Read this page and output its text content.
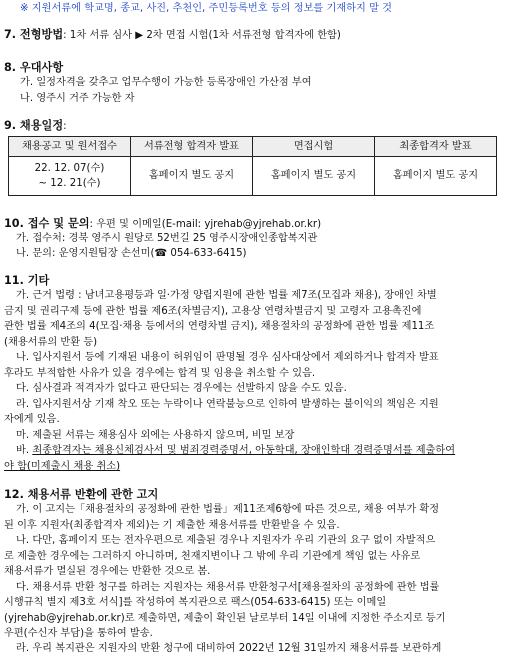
※ 지원서류에 학교명, 종교, 사진, 추천인, 주민등록번호 등의 정보를 기재하지 말 것
7. 전형방법: 1차 서류 심사 ▶ 2차 면접 시험(1차 서류전형 합격자에 한함)
8. 우대사항
가. 일정자격을 갖추고 업무수행이 가능한 등록장애인 가산점 부여
나. 영주시 거주 가능한 자
9. 채용일정:
채용공고 및 원서접수	서류전형 합격자 발표	면접시험	최종합격자 발표

22. 12. 07(수)
~ 12. 21(수)	홈페이지 별도 공지	홈페이지 별도 공지	홈페이지 별도 공지
10. 접수 및 문의: 우편 및 이메일(E-mail: yjrehab@yjrehab.or.kr)
가. 접수처: 경북 영주시 원당로 52번길 25 영주시장애인종합복지관
나. 문의: 운영지원팀장 손선미(☎ 054-633-6415)
11. 기타
가. 근거 법령 : 남녀고용평등과 일·가정 양립지원에 관한 법률 제7조(모집과 채용), 장애인 차별
금지 및 권리구제 등에 관한 법률 제6조(차별금지), 고용상 연령차별금지 및 고령자 고용촉진에
관한 법률 제4조의 4(모집·채용 등에서의 연령차별 금지), 채용절차의 공정화에 관한 법률 제11조
(채용서류의 반환 등)
나. 입사지원서 등에 기재된 내용이 허위임이 판명될 경우 심사대상에서 제외하거나 합격자 발표
후라도 부적합한 사유가 있을 경우에는 합격 및 임용을 취소할 수 있음.
다. 심사결과 적격자가 없다고 판단되는 경우에는 선발하지 않을 수도 있음.
라. 입사지원서상 기재 착오 또는 누락이나 연락불능으로 인하여 발생하는 불이익의 책임은 지원
자에게 있음.
마. 제출된 서류는 채용심사 외에는 사용하지 않으며, 비밀 보장
바. 최종합격자는 채용신체검사서 및 범죄경력증명서, 아동학대, 장애인학대 경력증명서를 제출하여
야 함(미제출시 채용 취소)
12. 채용서류 반환에 관한 고지
가. 이 고지는「채용절차의 공정화에 관한 법률」제11조제6항에 따른 것으로, 채용 여부가 확정
된 이후 지원자(최종합격자 제외)는 기 제출한 채용서류를 반환받을 수 있음.
나. 다만, 홈페이지 또는 전자우편으로 제출된 경우나 지원자가 우리 기관의 요구 없이 자발적으
로 제출한 경우에는 그러하지 아니하며, 천재지변이나 그 밖에 우리 기관에게 책임 없는 사유로
채용서류가 멸실된 경우에는 반환한 것으로 봄.
다. 채용서류 반환 청구를 하려는 지원자는 채용서류 반환청구서[채용절차의 공정화에 관한 법률
시행규칙 별지 제3호 서식]를 작성하여 복지관으로 팩스(054-633-6415) 또는 이메일
(yjrehab@yjrehab.or.kr)로 제출하면, 제출이 확인된 날로부터 14일 이내에 지정한 주소지로 등기
우편(수신자 부담)을 통하여 발송.
라. 우리 복지관은 지원자의 반환 청구에 대비하여 2022년 12월 31일까지 채용서류를 보관하게
